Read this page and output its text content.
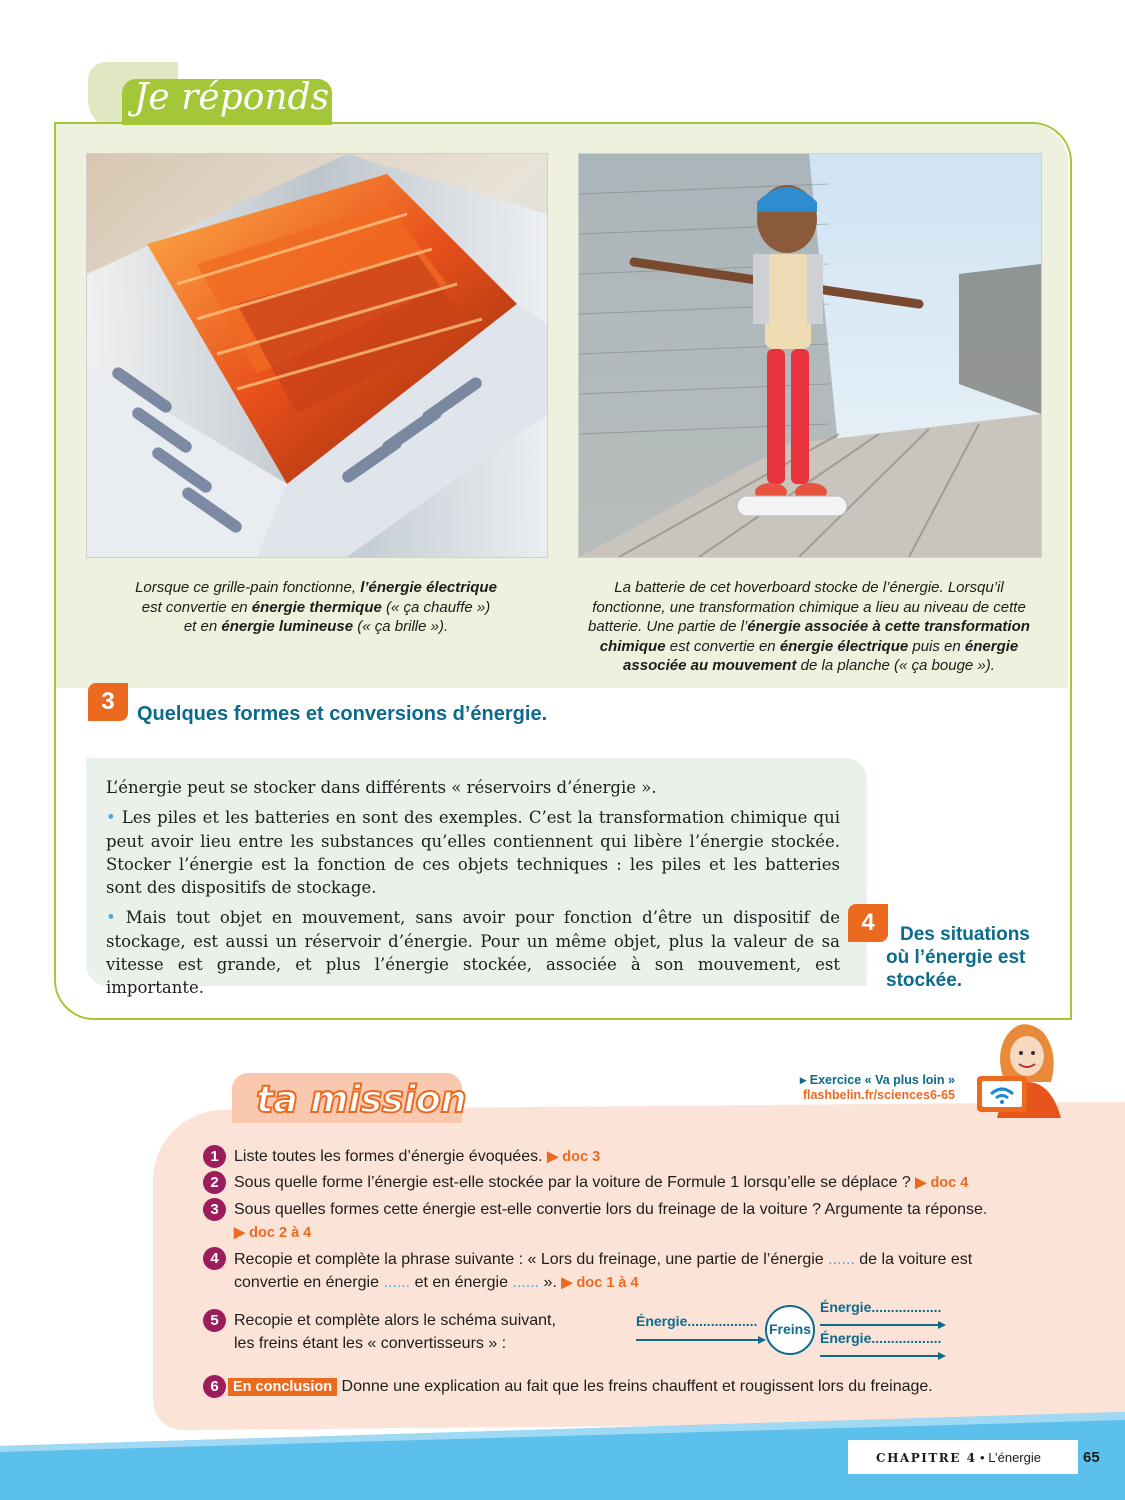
Je réponds
Lorsque ce grille-pain fonctionne, l’énergie électrique
est convertie en énergie thermique (« ça chauffe »)
et en énergie lumineuse (« ça brille »).
La batterie de cet hoverboard stocke de l’énergie. Lorsqu’il
fonctionne, une transformation chimique a lieu au niveau de cette
batterie. Une partie de l’énergie associée à cette transformation
chimique est convertie en énergie électrique puis en énergie
associée au mouvement de la planche (« ça bouge »).
3	Quelques formes et conversions d’énergie.
L’énergie peut se stocker dans différents « réservoirs d’énergie ».
• Les piles et les batteries en sont des exemples. C’est la transformation chimique qui peut avoir lieu entre les substances qu’elles contiennent qui libère l’énergie stockée. Stocker l’énergie est la fonction de ces objets techniques : les piles et les batteries sont des dispositifs de stockage.
• Mais tout objet en mouvement, sans avoir pour fonction d’être un dispositif de stockage, est aussi un réservoir d’énergie. Pour un même objet, plus la valeur de sa vitesse est grande, et plus l’énergie stockée, associée à son mouvement, est importante.
4	Des situations
où l’énergie est
stockée.
ta mission	▸ Exercice « Va plus loin »
flashbelin.fr/sciences6-65
1 Liste toutes les formes d’énergie évoquées. ▶ doc 3
2 Sous quelle forme l’énergie est-elle stockée par la voiture de Formule 1 lorsqu’elle se déplace ? ▶ doc 4
3 Sous quelles formes cette énergie est-elle convertie lors du freinage de la voiture ? Argumente ta réponse.
▶ doc 2 à 4
4 Recopie et complète la phrase suivante : « Lors du freinage, une partie de l’énergie ...... de la voiture est
convertie en énergie ...... et en énergie ...... ». ▶ doc 1 à 4
5 Recopie et complète alors le schéma suivant,
les freins étant les « convertisseurs » :
Énergie.................. Freins
Énergie..................
Énergie..................
6 En conclusion Donne une explication au fait que les freins chauffent et rougissent lors du freinage.
CHAPITRE 4 • L’énergie	65
